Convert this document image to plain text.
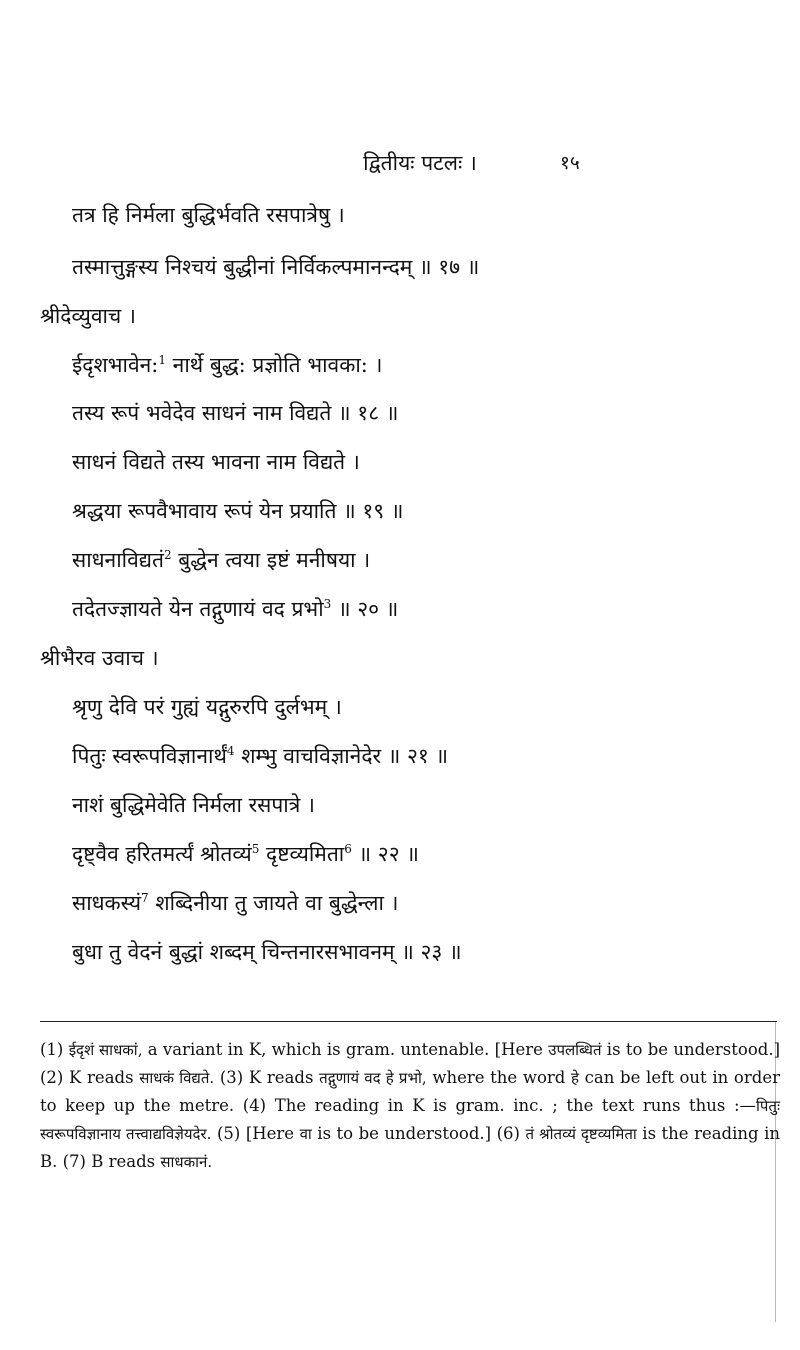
द्वितीयः पटलः ।	१५
तत्र हि निर्मला बुद्धिर्भवति रसपात्रेषु ।
तस्मात्तुङ्गस्य निश्चयं बुद्धीनां निर्विकल्पमानन्दम् ॥ १७ ॥
श्रीदेव्युवाच ।
ईदृशभावेन:$^1$ नार्थे बुद्ध: प्रज्ञोति भावका: ।
तस्य रूपं भवेदेव साधनं नाम विद्यते ॥ १८ ॥
साधनं विद्यते तस्य भावना नाम विद्यते ।
श्रद्धया रूपवैभावाय रूपं येन प्रयाति ॥ १९ ॥
साधनाविद्यतं$^2$ बुद्धेन त्वया इष्टं मनीषया ।
तदेतज्ज्ञायते येन तद्गुणायं वद प्रभो$^3$ ॥ २० ॥
श्रीभैरव उवाच ।
श्रृणु देवि परं गुह्यं यद्गुरुरपि दुर्लभम् ।
पितुः स्वरूपविज्ञानार्थं$^4$ शम्भु वाचविज्ञानेदेर ॥ २१ ॥
नाशं बुद्धिमेवेति निर्मला रसपात्रे ।
दृष्ट्वैव हरितमर्त्यं श्रोतव्यं$^5$ दृष्टव्यमिता$^6$ ॥ २२ ॥
साधकस्यं$^7$ शब्दिनीया तु जायते वा बुद्धेन्ला ।
बुधा तु वेदनं बुद्धां शब्दम् चिन्तनारसभावनम् ॥ २३ ॥

(1) ईदृशं साधकांं, a variant in K, which is gram. untenable. [Here उपलब्धितं is to be understood.] (2) K reads साधकं विद्यते. (3) K reads तद्गुणायं वद हे प्रभो, where the word हे can be left out in order to keep up the metre. (4) The reading in K is gram. inc. ; the text runs thus :—पितुः स्वरूपविज्ञानाय तत्त्वाद्यविज्ञेयदेर. (5) [Here वा is to be understood.] (6) तं श्रोतव्यं दृष्टव्यमिता is the reading in B. (7) B reads साधकानं.
